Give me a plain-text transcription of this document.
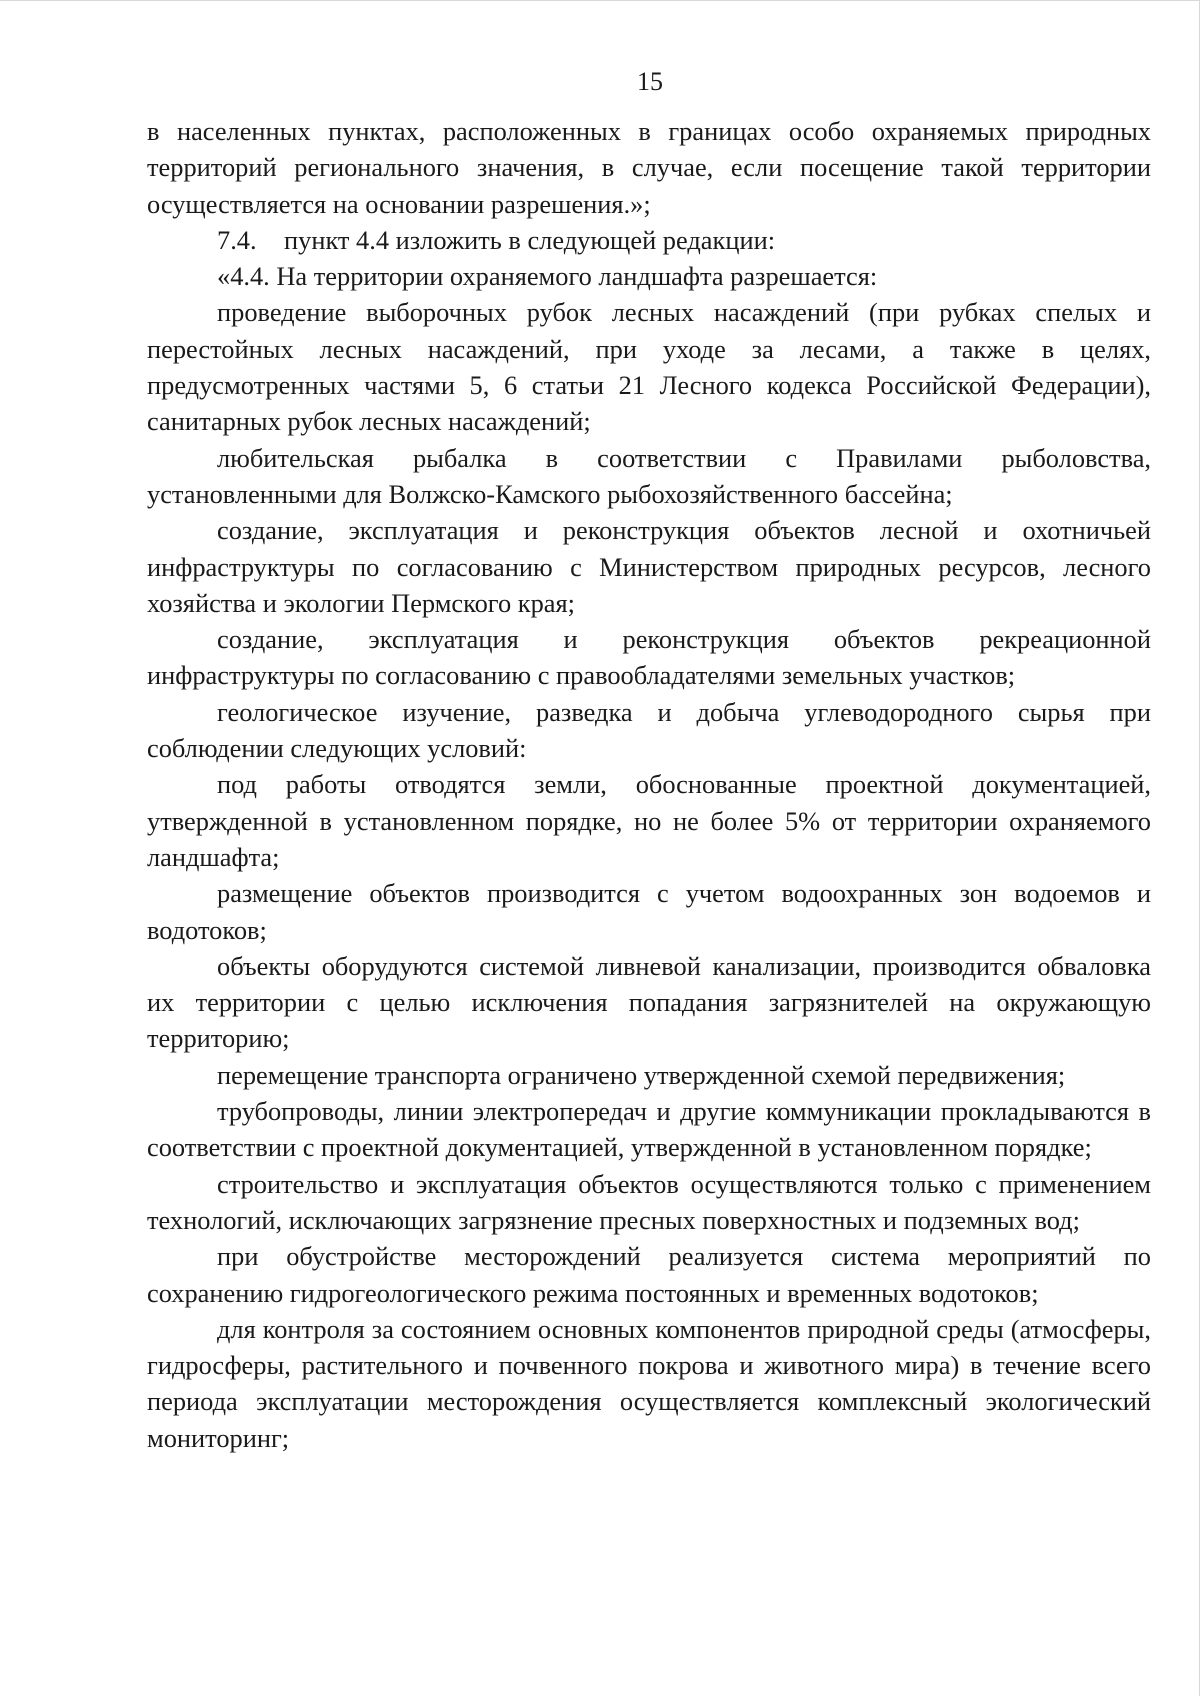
15

в населенных пунктах, расположенных в границах особо охраняемых природных территорий регионального значения, в случае, если посещение такой территории осуществляется на основании разрешения.»;

7.4. пункт 4.4 изложить в следующей редакции:

«4.4. На территории охраняемого ландшафта разрешается:

проведение выборочных рубок лесных насаждений (при рубках спелых и перестойных лесных насаждений, при уходе за лесами, а также в целях, предусмотренных частями 5, 6 статьи 21 Лесного кодекса Российской Федерации), санитарных рубок лесных насаждений;

любительская рыбалка в соответствии с Правилами рыболовства, установленными для Волжско-Камского рыбохозяйственного бассейна;

создание, эксплуатация и реконструкция объектов лесной и охотничьей инфраструктуры по согласованию с Министерством природных ресурсов, лесного хозяйства и экологии Пермского края;

создание, эксплуатация и реконструкция объектов рекреационной инфраструктуры по согласованию с правообладателями земельных участков;

геологическое изучение, разведка и добыча углеводородного сырья при соблюдении следующих условий:

под работы отводятся земли, обоснованные проектной документацией, утвержденной в установленном порядке, но не более 5% от территории охраняемого ландшафта;

размещение объектов производится с учетом водоохранных зон водоемов и водотоков;

объекты оборудуются системой ливневой канализации, производится обваловка их территории с целью исключения попадания загрязнителей на окружающую территорию;

перемещение транспорта ограничено утвержденной схемой передвижения;

трубопроводы, линии электропередач и другие коммуникации прокладываются в соответствии с проектной документацией, утвержденной в установленном порядке;

строительство и эксплуатация объектов осуществляются только с применением технологий, исключающих загрязнение пресных поверхностных и подземных вод;

при обустройстве месторождений реализуется система мероприятий по сохранению гидрогеологического режима постоянных и временных водотоков;

для контроля за состоянием основных компонентов природной среды (атмосферы, гидросферы, растительного и почвенного покрова и животного мира) в течение всего периода эксплуатации месторождения осуществляется комплексный экологический мониторинг;
